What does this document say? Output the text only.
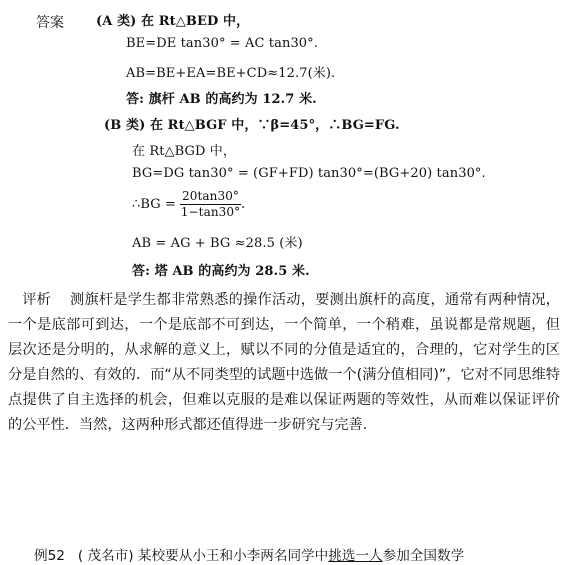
答案 (A 类) 在 Rt△BED 中，
BE=DE tan30° = AC tan30°.
AB=BE+EA=BE+CD≈12.7(米).
答: 旗杆 AB 的高约为 12.7 米.
(B 类) 在 Rt△BGF 中，∵β=45°，∴BG=FG.
在 Rt△BGD 中，
BG=DG tan30° = (GF+FD) tan30°=(BG+20) tan30°.
∴BG = $\frac{20\tan 30^\circ}{1-\tan 30^\circ}$ .
AB = AG + BG ≈28.5 (米)
答: 塔 AB 的高约为 28.5 米.
评析 测旗杆是学生都非常熟悉的操作活动，要测出旗杆的高度，通常有两种情况，一个是底部可到达，一个是底部不可到达，一个简单，一个稍难，虽说都是常规题，但层次还是分明的，从求解的意义上，赋以不同的分值是适宜的，合理的，它对学生的区分是自然的、有效的．而“从不同类型的试题中选做一个(满分值相同)”，它对不同思维特点提供了自主选择的机会，但难以克服的是难以保证两题的等效性，从而难以保证评价的公平性．当然，这两种形式都还值得进一步研究与完善.
例52 ( 茂名市) 某校要从小王和小李两名同学中挑选一人参加全国数学
